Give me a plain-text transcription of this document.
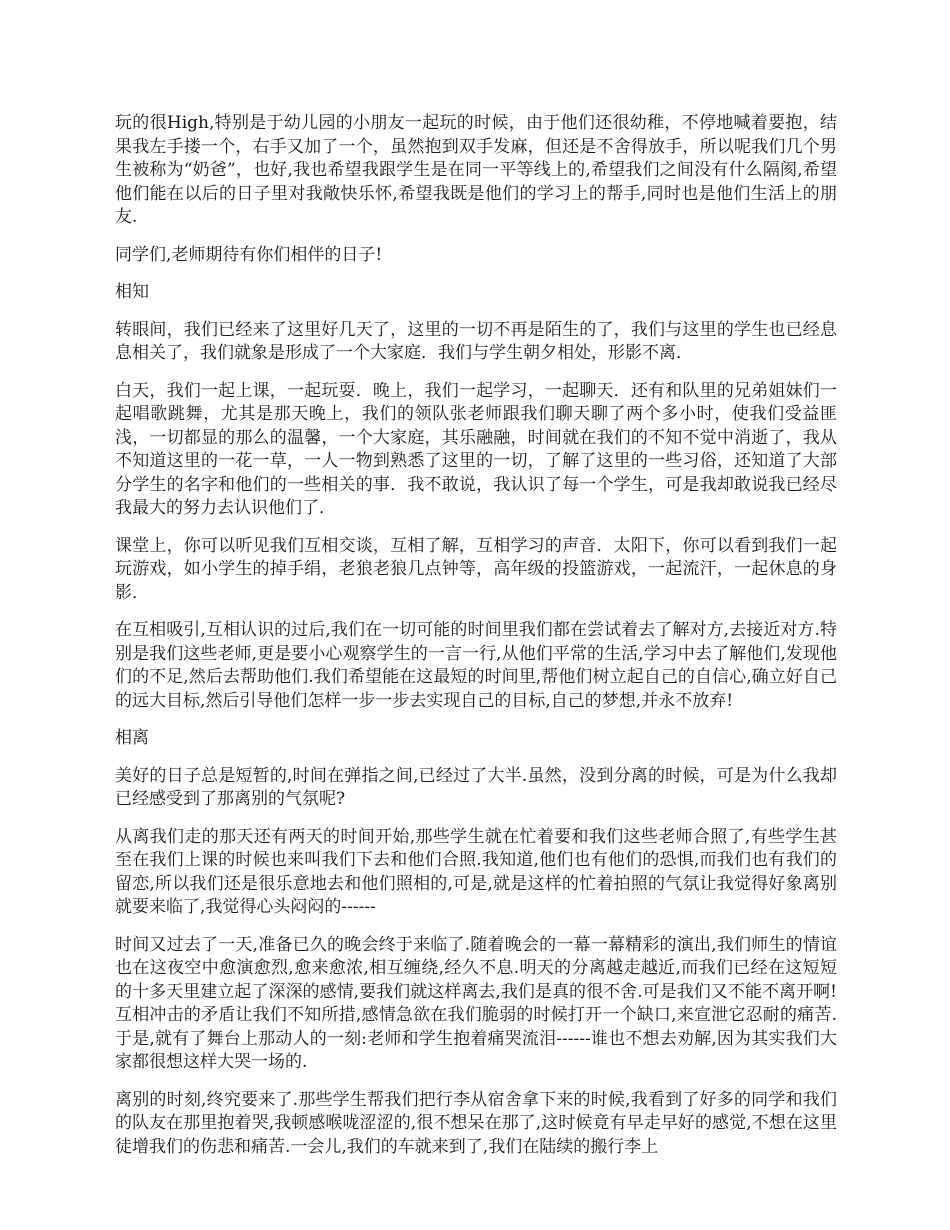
玩的很High,特别是于幼儿园的小朋友一起玩的时候，由于他们还很幼稚，不停地喊着要抱，结果我左手搂一个，右手又加了一个，虽然抱到双手发麻，但还是不舍得放手，所以呢我们几个男生被称为“奶爸”，也好,我也希望我跟学生是在同一平等线上的,希望我们之间没有什么隔阂,希望他们能在以后的日子里对我敞快乐怀,希望我既是他们的学习上的帮手,同时也是他们生活上的朋友.

同学们,老师期待有你们相伴的日子!

相知

转眼间，我们已经来了这里好几天了，这里的一切不再是陌生的了，我们与这里的学生也已经息息相关了，我们就象是形成了一个大家庭．我们与学生朝夕相处，形影不离．

白天，我们一起上课，一起玩耍．晚上，我们一起学习，一起聊天．还有和队里的兄弟姐妹们一起唱歌跳舞，尤其是那天晚上，我们的领队张老师跟我们聊天聊了两个多小时，使我们受益匪浅，一切都显的那么的温馨，一个大家庭，其乐融融，时间就在我们的不知不觉中消逝了，我从不知道这里的一花一草，一人一物到熟悉了这里的一切，了解了这里的一些习俗，还知道了大部分学生的名字和他们的一些相关的事．我不敢说，我认识了每一个学生，可是我却敢说我已经尽我最大的努力去认识他们了．

课堂上，你可以听见我们互相交谈，互相了解，互相学习的声音．太阳下，你可以看到我们一起玩游戏，如小学生的掉手绢，老狼老狼几点钟等，高年级的投篮游戏，一起流汗，一起休息的身影．

在互相吸引,互相认识的过后,我们在一切可能的时间里我们都在尝试着去了解对方,去接近对方.特别是我们这些老师,更是要小心观察学生的一言一行,从他们平常的生活,学习中去了解他们,发现他们的不足,然后去帮助他们.我们希望能在这最短的时间里,帮他们树立起自己的自信心,确立好自己的远大目标,然后引导他们怎样一步一步去实现自己的目标,自己的梦想,并永不放弃!

相离

美好的日子总是短暂的,时间在弹指之间,已经过了大半.虽然，没到分离的时候，可是为什么我却已经感受到了那离别的气氛呢?

从离我们走的那天还有两天的时间开始,那些学生就在忙着要和我们这些老师合照了,有些学生甚至在我们上课的时候也来叫我们下去和他们合照.我知道,他们也有他们的恐惧,而我们也有我们的留恋,所以我们还是很乐意地去和他们照相的,可是,就是这样的忙着拍照的气氛让我觉得好象离别就要来临了,我觉得心头闷闷的------

时间又过去了一天,准备已久的晚会终于来临了.随着晚会的一幕一幕精彩的演出,我们师生的情谊也在这夜空中愈演愈烈,愈来愈浓,相互缠绕,经久不息.明天的分离越走越近,而我们已经在这短短的十多天里建立起了深深的感情,要我们就这样离去,我们是真的很不舍.可是我们又不能不离开啊!互相冲击的矛盾让我们不知所措,感情急欲在我们脆弱的时候打开一个缺口,来宣泄它忍耐的痛苦.于是,就有了舞台上那动人的一刻:老师和学生抱着痛哭流泪------谁也不想去劝解,因为其实我们大家都很想这样大哭一场的.

离别的时刻,终究要来了.那些学生帮我们把行李从宿舍拿下来的时候,我看到了好多的同学和我们的队友在那里抱着哭,我顿感喉咙涩涩的,很不想呆在那了,这时候竟有早走早好的感觉,不想在这里徒增我们的伤悲和痛苦.一会儿,我们的车就来到了,我们在陆续的搬行李上
